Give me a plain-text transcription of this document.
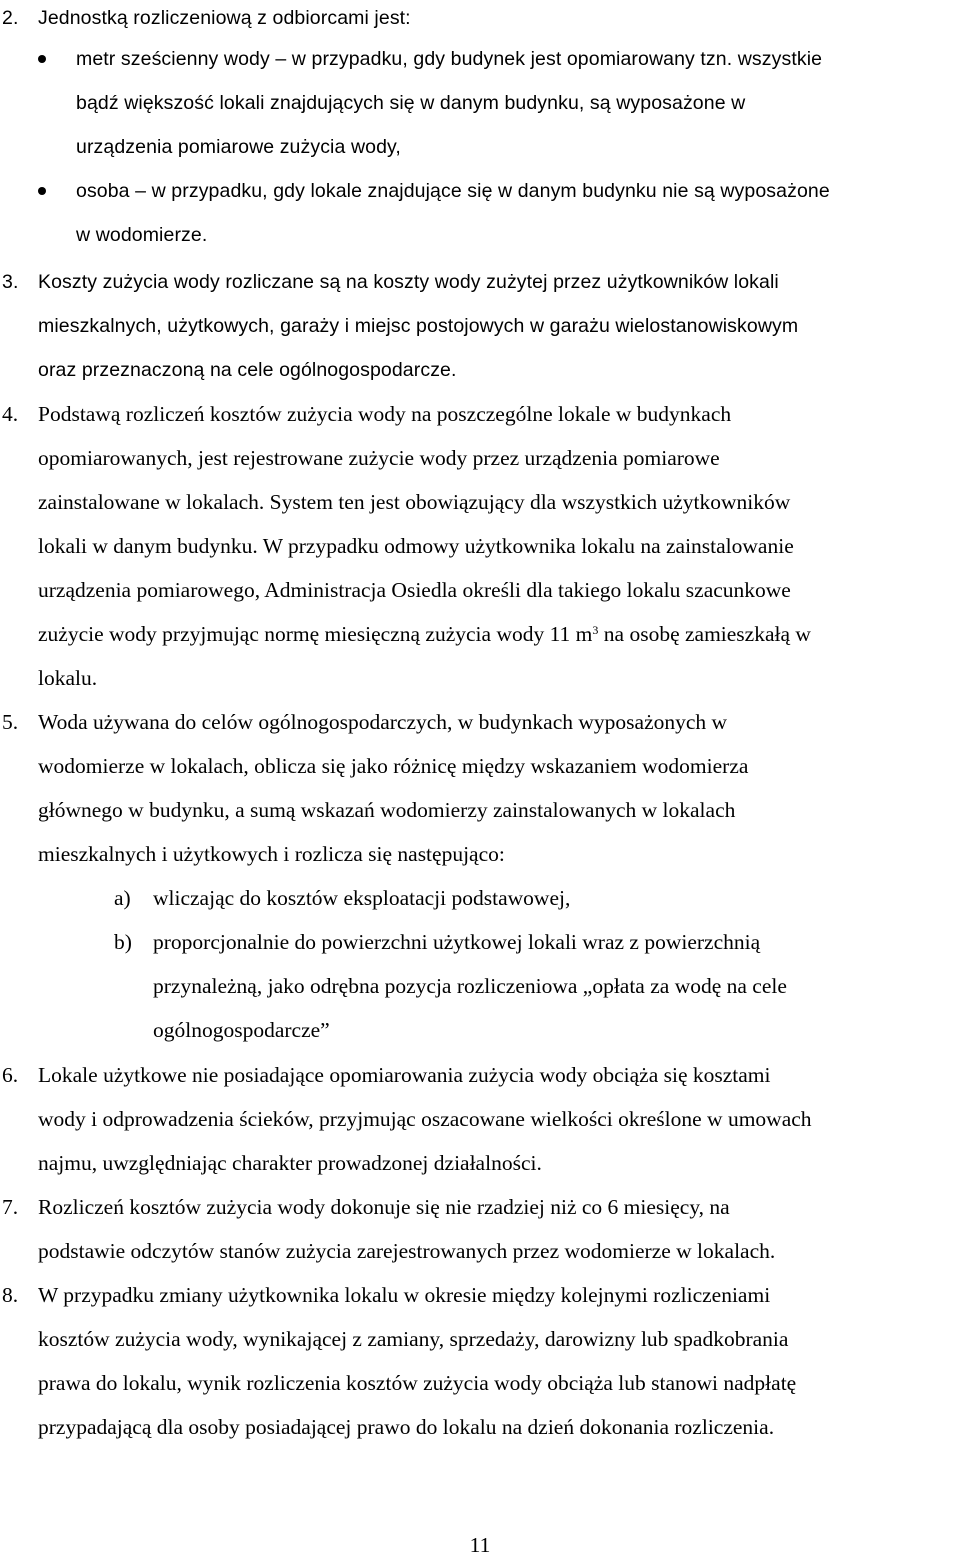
2. Jednostką rozliczeniową z odbiorcami jest:
metr sześcienny wody – w przypadku, gdy budynek jest opomiarowany tzn. wszystkie
bądź większość lokali znajdujących się w danym budynku, są wyposażone w
urządzenia pomiarowe zużycia wody,
osoba – w przypadku, gdy lokale znajdujące się w danym budynku nie są wyposażone
w wodomierze.
3. Koszty zużycia wody rozliczane są na koszty wody zużytej przez użytkowników lokali
mieszkalnych, użytkowych, garaży i miejsc postojowych w garażu wielostanowiskowym
oraz przeznaczoną na cele ogólnogospodarcze.
4. Podstawą rozliczeń kosztów zużycia wody na poszczególne lokale w budynkach
opomiarowanych, jest rejestrowane zużycie wody przez urządzenia pomiarowe
zainstalowane w lokalach. System ten jest obowiązujący dla wszystkich użytkowników
lokali w danym budynku. W przypadku odmowy użytkownika lokalu na zainstalowanie
urządzenia pomiarowego, Administracja Osiedla określi dla takiego lokalu szacunkowe
zużycie wody przyjmując normę miesięczną zużycia wody 11 $m^3$ na osobę zamieszkałą w
lokalu.
5. Woda używana do celów ogólnogospodarczych, w budynkach wyposażonych w
wodomierze w lokalach, oblicza się jako różnicę między wskazaniem wodomierza
głównego w budynku, a sumą wskazań wodomierzy zainstalowanych w lokalach
mieszkalnych i użytkowych i rozlicza się następująco:
a) wliczając do kosztów eksploatacji podstawowej,
b) proporcjonalnie do powierzchni użytkowej lokali wraz z powierzchnią
przynależną, jako odrębna pozycja rozliczeniowa „opłata za wodę na cele
ogólnogospodarcze”
6. Lokale użytkowe nie posiadające opomiarowania zużycia wody obciąża się kosztami
wody i odprowadzenia ścieków, przyjmując oszacowane wielkości określone w umowach
najmu, uwzględniając charakter prowadzonej działalności.
7. Rozliczeń kosztów zużycia wody dokonuje się nie rzadziej niż co 6 miesięcy, na
podstawie odczytów stanów zużycia zarejestrowanych przez wodomierze w lokalach.
8. W przypadku zmiany użytkownika lokalu w okresie między kolejnymi rozliczeniami
kosztów zużycia wody, wynikającej z zamiany, sprzedaży, darowizny lub spadkobrania
prawa do lokalu, wynik rozliczenia kosztów zużycia wody obciąża lub stanowi nadpłatę
przypadającą dla osoby posiadającej prawo do lokalu na dzień dokonania rozliczenia.
11
